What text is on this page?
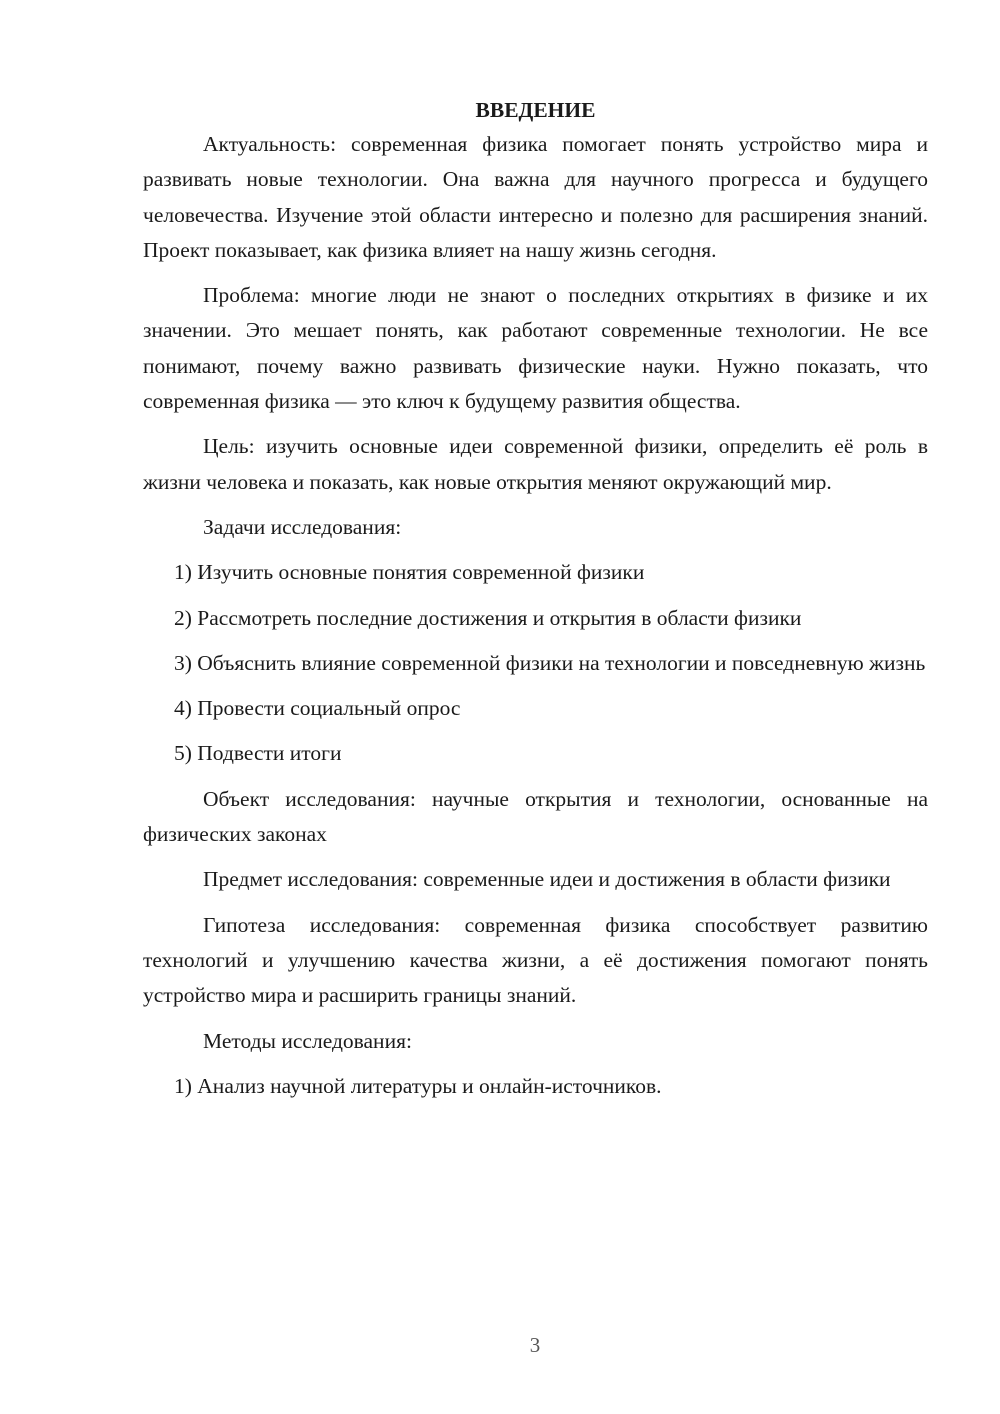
ВВЕДЕНИЕ

Актуальность: современная физика помогает понять устройство мира и развивать новые технологии. Она важна для научного прогресса и будущего человечества. Изучение этой области интересно и полезно для расширения знаний. Проект показывает, как физика влияет на нашу жизнь сегодня.

Проблема: многие люди не знают о последних открытиях в физике и их значении. Это мешает понять, как работают современные технологии. Не все понимают, почему важно развивать физические науки. Нужно показать, что современная физика — это ключ к будущему развития общества.

Цель: изучить основные идеи современной физики, определить её роль в жизни человека и показать, как новые открытия меняют окружающий мир.

Задачи исследования:

1) Изучить основные понятия современной физики

2) Рассмотреть последние достижения и открытия в области физики

3) Объяснить влияние современной физики на технологии и повседневную жизнь

4) Провести социальный опрос

5) Подвести итоги

Объект исследования: научные открытия и технологии, основанные на физических законах

Предмет исследования: современные идеи и достижения в области физики

Гипотеза исследования: современная физика способствует развитию технологий и улучшению качества жизни, а её достижения помогают понять устройство мира и расширить границы знаний.

Методы исследования:

1) Анализ научной литературы и онлайн-источников.

3
